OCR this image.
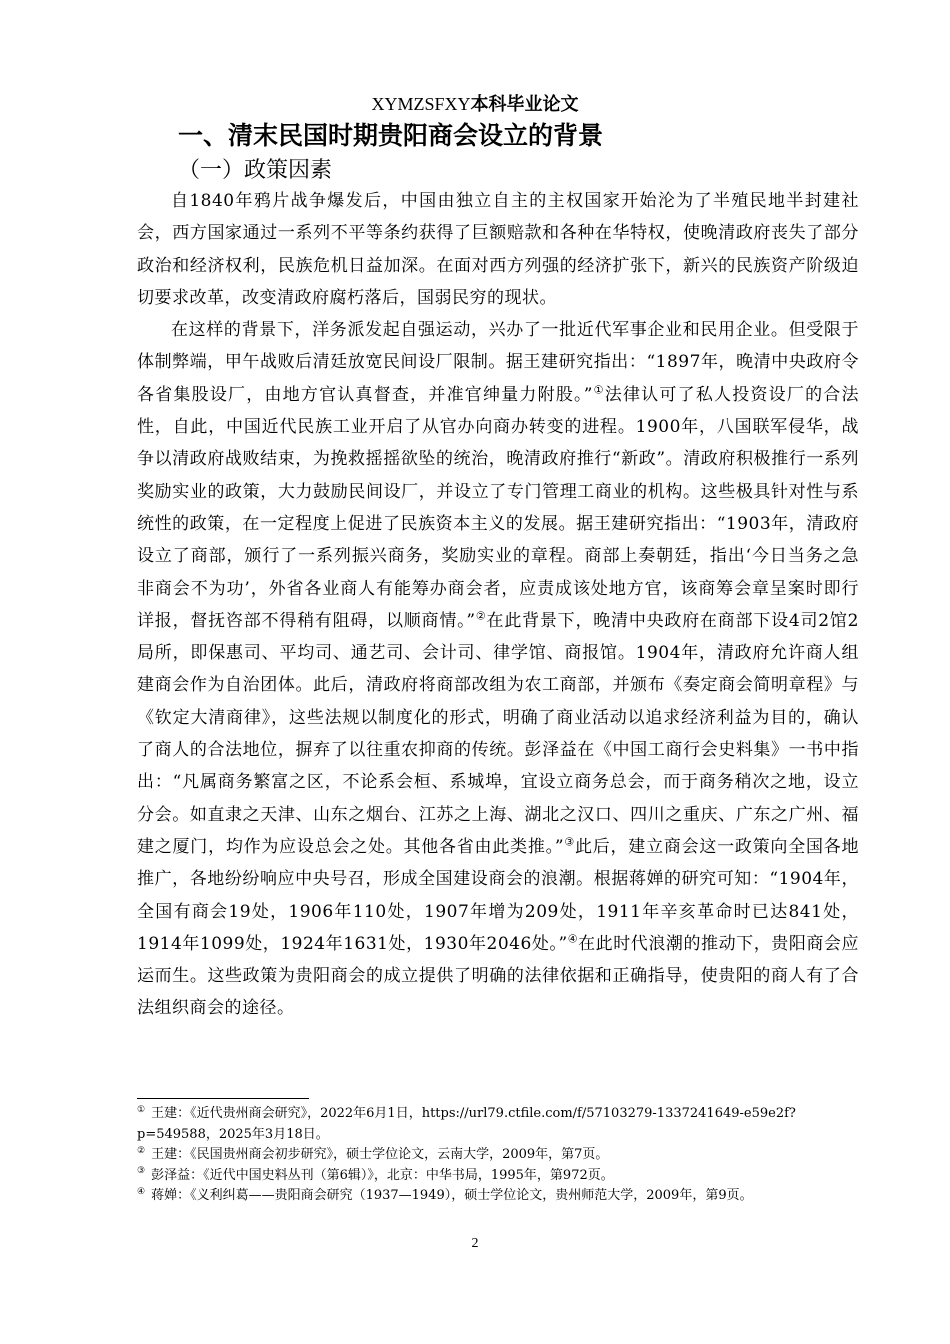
XYMZSFXY本科毕业论文
一、清末民国时期贵阳商会设立的背景
（一）政策因素

自1840年鸦片战争爆发后，中国由独立自主的主权国家开始沦为了半殖民地半封建社会，西方国家通过一系列不平等条约获得了巨额赔款和各种在华特权，使晚清政府丧失了部分政治和经济权利，民族危机日益加深。在面对西方列强的经济扩张下，新兴的民族资产阶级迫切要求改革，改变清政府腐朽落后，国弱民穷的现状。

在这样的背景下，洋务派发起自强运动，兴办了一批近代军事企业和民用企业。但受限于体制弊端，甲午战败后清廷放宽民间设厂限制。据王建研究指出：“1897年，晚清中央政府令各省集股设厂，由地方官认真督查，并准官绅量力附股。”①法律认可了私人投资设厂的合法性，自此，中国近代民族工业开启了从官办向商办转变的进程。1900年，八国联军侵华，战争以清政府战败结束，为挽救摇摇欲坠的统治，晚清政府推行“新政”。清政府积极推行一系列奖励实业的政策，大力鼓励民间设厂，并设立了专门管理工商业的机构。这些极具针对性与系统性的政策，在一定程度上促进了民族资本主义的发展。据王建研究指出：“1903年，清政府设立了商部，颁行了一系列振兴商务，奖励实业的章程。商部上奏朝廷，指出‘今日当务之急非商会不为功’，外省各业商人有能筹办商会者，应责成该处地方官，该商筹会章呈案时即行详报，督抚咨部不得稍有阻碍，以顺商情。”②在此背景下，晚清中央政府在商部下设4司2馆2局所，即保惠司、平均司、通艺司、会计司、律学馆、商报馆。1904年，清政府允许商人组建商会作为自治团体。此后，清政府将商部改组为农工商部，并颁布《奏定商会简明章程》与《钦定大清商律》，这些法规以制度化的形式，明确了商业活动以追求经济利益为目的，确认了商人的合法地位，摒弃了以往重农抑商的传统。彭泽益在《中国工商行会史料集》一书中指出：“凡属商务繁富之区，不论系会桓、系城埠，宜设立商务总会，而于商务稍次之地，设立分会。如直隶之天津、山东之烟台、江苏之上海、湖北之汉口、四川之重庆、广东之广州、福建之厦门，均作为应设总会之处。其他各省由此类推。”③此后，建立商会这一政策向全国各地推广，各地纷纷响应中央号召，形成全国建设商会的浪潮。根据蒋婵的研究可知：“1904年，全国有商会19处，1906年110处，1907年增为209处，1911年辛亥革命时已达841处，1914年1099处，1924年1631处，1930年2046处。”④在此时代浪潮的推动下，贵阳商会应运而生。这些政策为贵阳商会的成立提供了明确的法律依据和正确指导，使贵阳的商人有了合法组织商会的途径。

① 王建：《近代贵州商会研究》，2022年6月1日，https://url79.ctfile.com/f/57103279-1337241649-e59e2f?p=549588，2025年3月18日。

② 王建：《民国贵州商会初步研究》，硕士学位论文，云南大学，2009年，第7页。

③ 彭泽益：《近代中国史料丛刊（第6辑）》，北京：中华书局，1995年，第972页。

④ 蒋婵：《义利纠葛——贵阳商会研究（1937—1949），硕士学位论文，贵州师范大学，2009年，第9页。

2
